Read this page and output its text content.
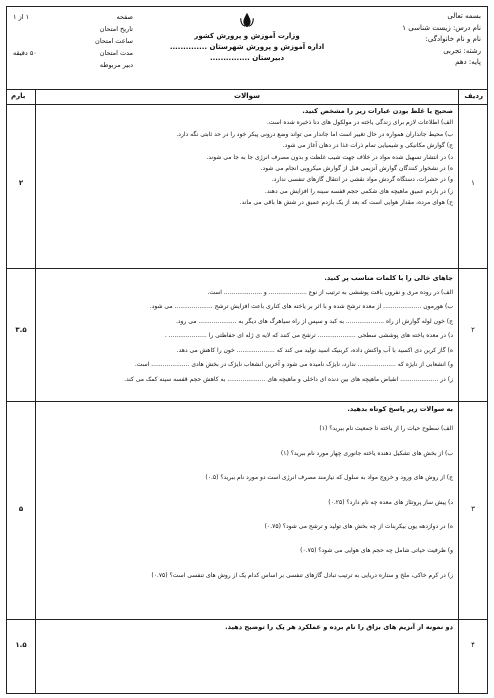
بسمه تعالی
نام درس: زیست شناسی ۱
نام و نام خانوادگی:
رشته: تجربی
پایه: دهم
وزارت آموزش و پرورش کشور
اداره آموزش و پرورش شهرستان ..............
دبیرستان ...............
صفحه
۱ از ۱
تاریخ امتحان
ساعت امتحان
مدت امتحان
۵۰ دقیقه
دبیر مربوطه
ردیف
سوالات
بارم
۱
۲
صحیح یا غلط بودن عبارات زیر را مشخص کنید.
الف) اطلاعات لازم برای زندگی یاخته در مولکول های دنا ذخیره شده است.
ب) محیط جانداران همواره در حال تغییر است اما جاندار می تواند وضع درونی پیکر خود را در حد ثابتی نگه دارد.
ج) گوارش مکانیکی و شیمیایی تمام ذرات غذا در دهان آغاز می شود.
د) در انتشار تسهیل شده مواد در خلاف جهت شیب غلظت و بدون مصرف انرژی جا به جا می شوند.
ه) در نشخوار کنندگان گوارش آنزیمی قبل از گوارش میکروبی انجام می شود.
و) در حشرات، دستگاه گردش مواد نقشی در انتقال گازهای تنفسی ندارد.
ز) در بازدم عمیق ماهیچه های شکمی حجم قفسه سینه را افزایش می دهند.
ح) هوای مرده، مقدار هوایی است که بعد از یک بازدم عمیق در شش ها باقی می ماند.
۲
۳.۵
جاهای خالی را با کلمات مناسب پر کنید.
الف) در روده مری و نفرون بافت پوششی به ترتیب از نوع .................... و .................... است.
ب) هورمون .................... از معده ترشح شده و با اثر بر یاخته های کناری باعث افزایش ترشح .................... می شود.
ج) خون لوله گوارش از راه .................... به کبد و سپس از راه سیاهرگ های دیگر به .................... می رود.
د) در معده یاخته های پوششی سطحی .................... ترشح می کنند که لایه ی ژله ای حفاظتی را .................... .
ه) گاز کربن دی اکسید با آب واکنش داده، کربنیک اسید تولید می کند که .................... خون را کاهش می دهد.
و) انشعابی از نایژه که .................... ندارد، نایژک نامیده می شود و آخرین انشعاب نایژک در بخش هادی .................... است.
ز) در .................... انقباض ماهیچه های بین دنده ای داخلی و ماهیچه های .................... به کاهش حجم قفسه سینه کمک می کند.
۳
۵
به سوالات زیر پاسخ کوتاه بدهید.
الف) سطوح حیات را از یاخته تا جمعیت نام ببرید؟ (۱)
ب) از بخش های تشکیل دهنده یاخته جانوری چهار مورد نام ببرید؟ (۱)
ج) از روش های ورود و خروج مواد به سلول که نیازمند مصرف انرژی است دو مورد نام ببرید؟ (۰.۵)
د) پیش ساز پروتئاز های معده چه نام دارد؟ (۰.۲۵)
ه) در دوازدهه یون بیکربنات از چه بخش های تولید و ترشح می شود؟ (۰.۷۵)
و) ظرفیت حیاتی شامل چه حجم های هوایی می شود؟ (۰.۷۵)
ز) در کرم خاکی، ملخ و ستاره دریایی به ترتیب تبادل گازهای تنفسی بر اساس کدام یک از روش های تنفسی است؟ (۰.۷۵)
۴
۱.۵
دو نمونه از آنزیم های بزاق را نام برده و عملکرد هر یک را توضیح دهید.
